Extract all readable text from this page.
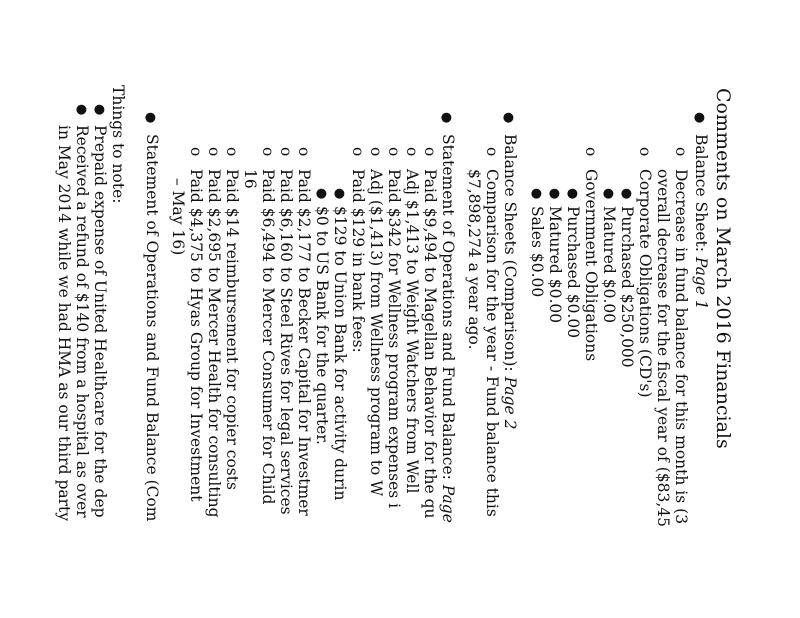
Comments on March 2016 Financials
●
Balance Sheet: Page 1
o
Decrease in fund balance for this month is (3
overall decrease for the fiscal year of ($83,45
o
Corporate Obligations (CD's)
●
Purchased $250,000
●
Matured $0.00
o
Government Obligations
●
Purchased $0.00
●
Matured $0.00
●
Sales $0.00
●
Balance Sheets (Comparison): Page 2
o
Comparison for the year - Fund balance this
$7,898,274 a year ago.
●
Statement of Operations and Fund Balance: Page
o
Paid $9,494 to Magellan Behavior for the qu
o
Adj $1,413 to Weight Watchers from Well
o
Paid $342 for Wellness program expenses i
o
Adj ($1,413) from Wellness program to W
o
Paid $129 in bank fees:
●
$129 to Union Bank for activity durin
●
$0 to US Bank for the quarter.
o
Paid $2,177 to Becker Capital for Investmer
o
Paid $6,160 to Steel Rives for legal services
o
Paid $6,494 to Mercer Consumer for Child
16
o
Paid $14 reimbursement for copier costs
o
Paid $2,695 to Mercer Health for consulting
o
Paid $4,375 to Hyas Group for Investment
– May 16)
●
Statement of Operations and Fund Balance (Com
Things to note:
●
Prepaid expense of United Healthcare for the dep
●
Received a refund of $140 from a hospital as over
in May 2014 while we had HMA as our third party
